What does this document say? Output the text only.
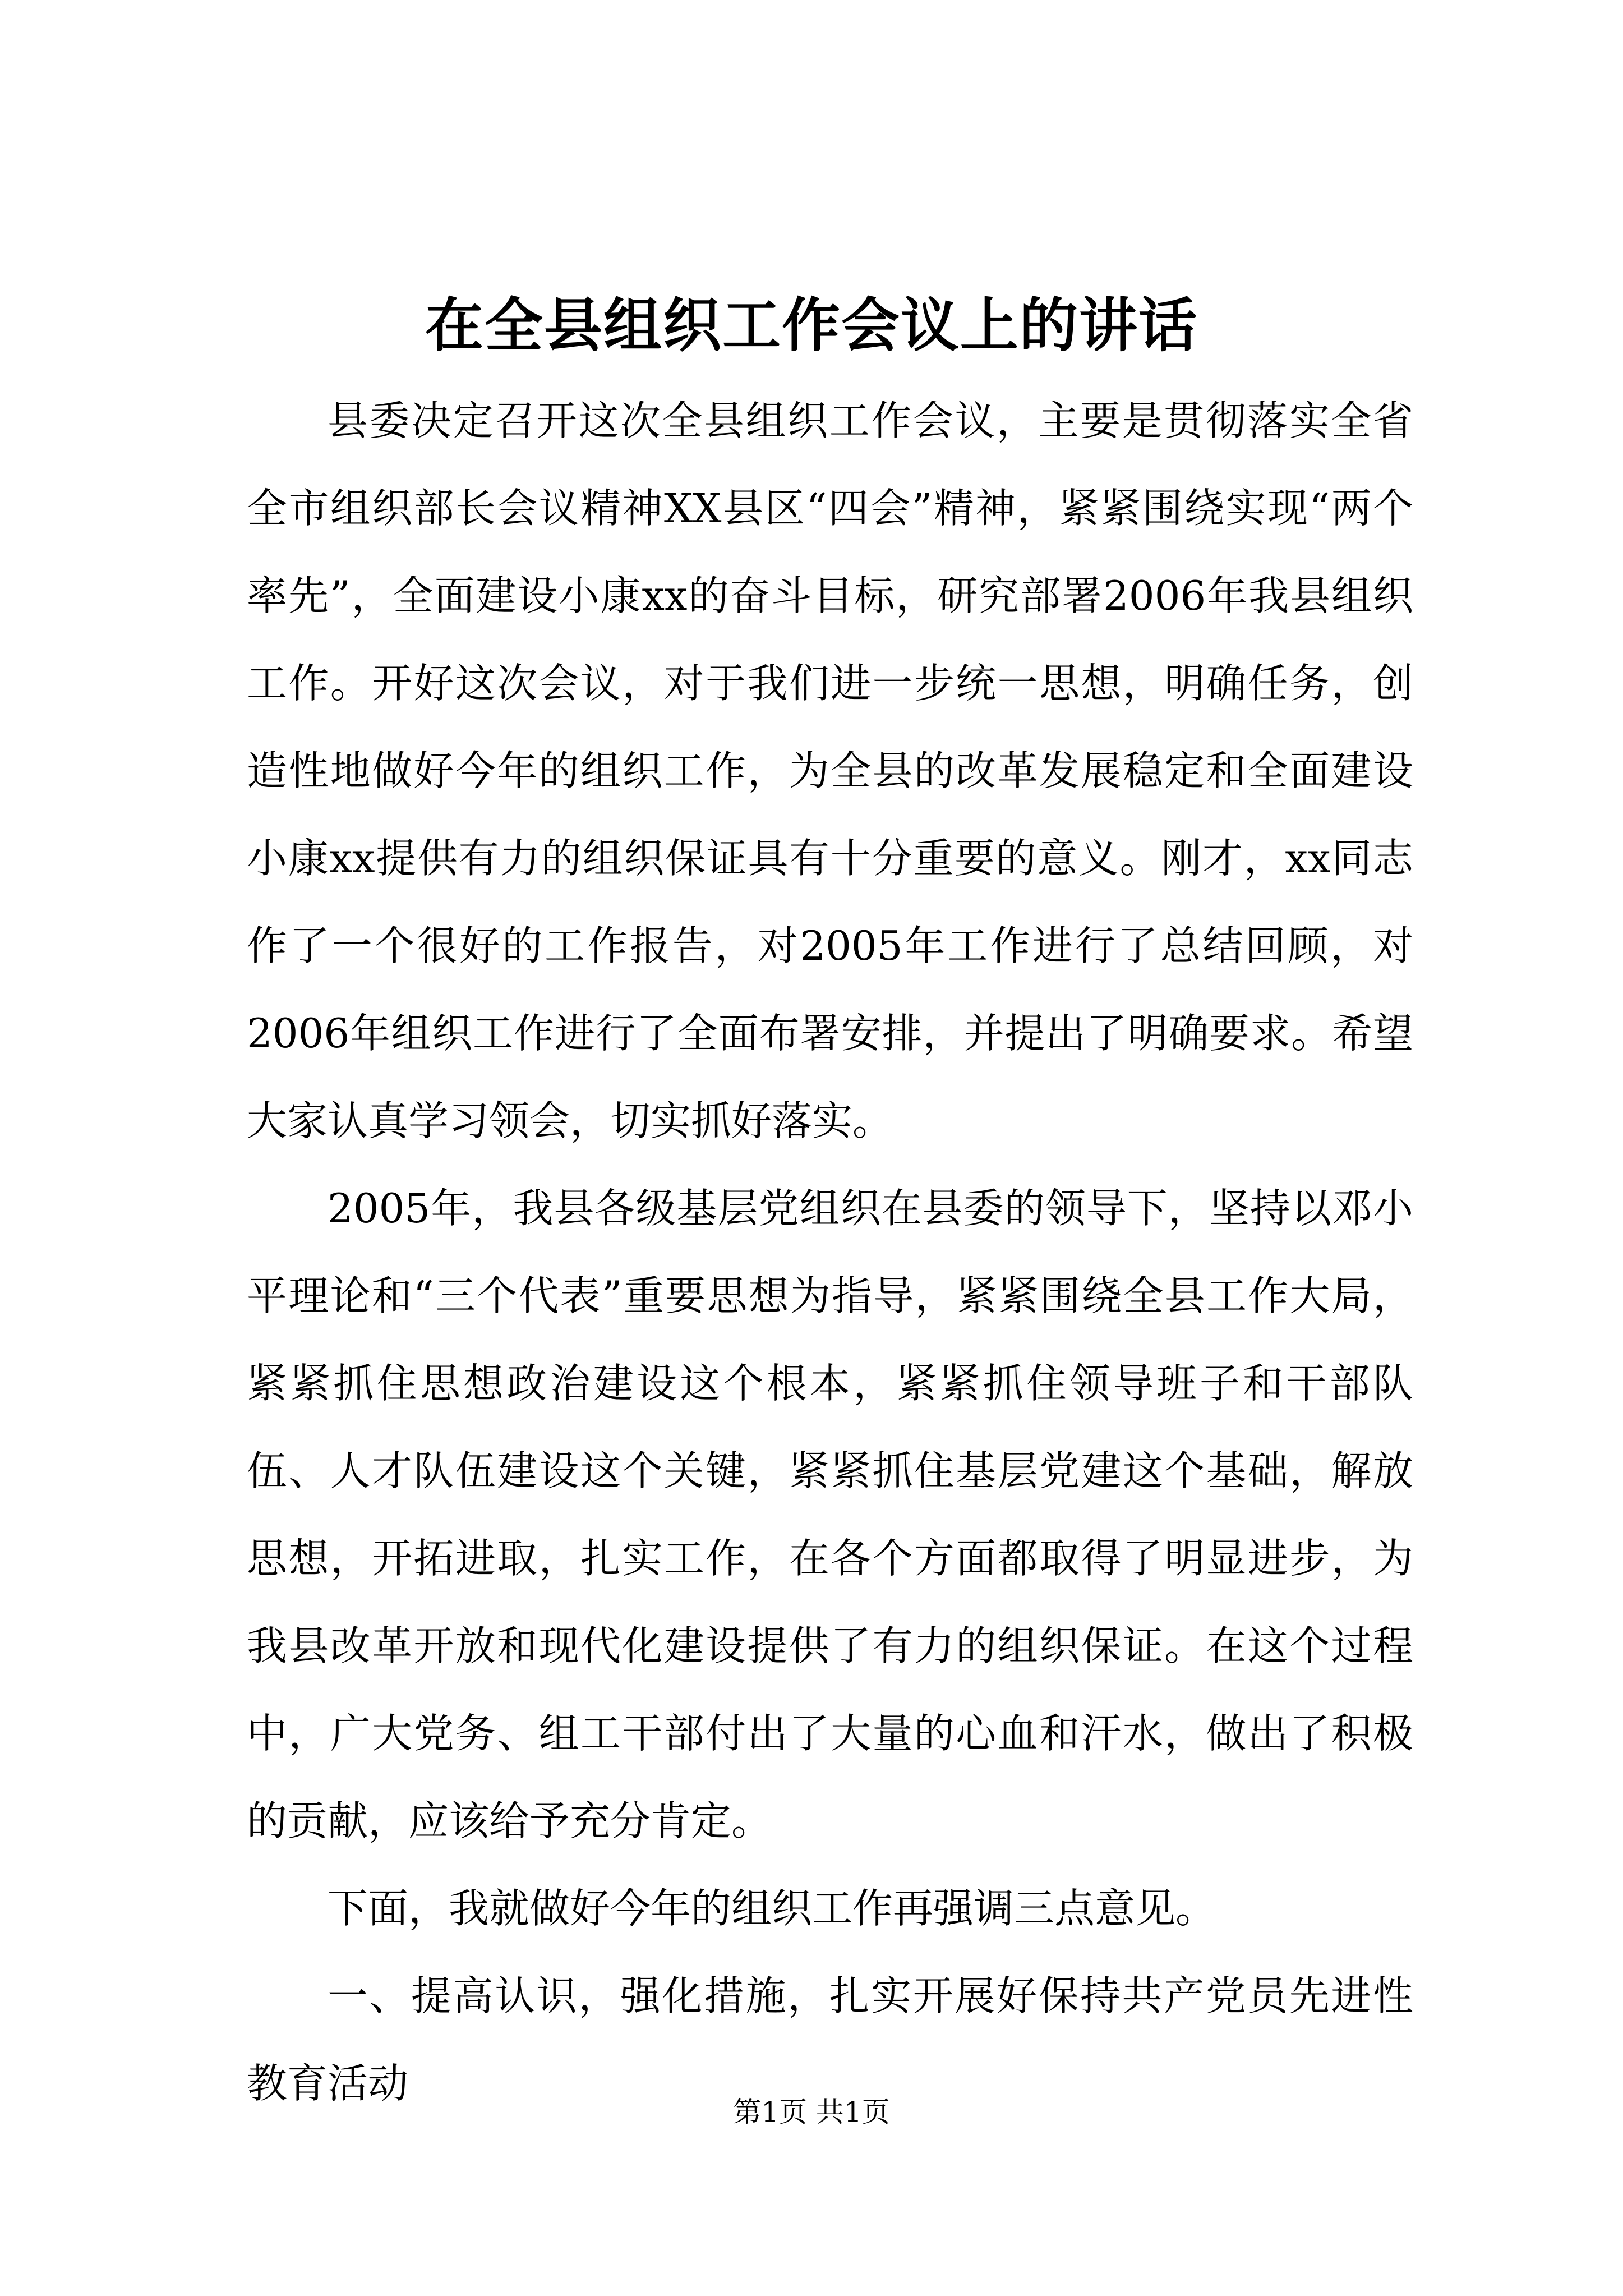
在全县组织工作会议上的讲话

县委决定召开这次全县组织工作会议，主要是贯彻落实全省全市组织部长会议精神XX县区“四会”精神，紧紧围绕实现“两个率先”，全面建设小康xx的奋斗目标，研究部署2006年我县组织工作。开好这次会议，对于我们进一步统一思想，明确任务，创造性地做好今年的组织工作，为全县的改革发展稳定和全面建设小康xx提供有力的组织保证具有十分重要的意义。刚才，xx同志作了一个很好的工作报告，对2005年工作进行了总结回顾，对2006年组织工作进行了全面布署安排，并提出了明确要求。希望大家认真学习领会，切实抓好落实。

2005年，我县各级基层党组织在县委的领导下，坚持以邓小平理论和“三个代表”重要思想为指导，紧紧围绕全县工作大局，紧紧抓住思想政治建设这个根本，紧紧抓住领导班子和干部队伍、人才队伍建设这个关键，紧紧抓住基层党建这个基础，解放思想，开拓进取，扎实工作，在各个方面都取得了明显进步，为我县改革开放和现代化建设提供了有力的组织保证。在这个过程中，广大党务、组工干部付出了大量的心血和汗水，做出了积极的贡献，应该给予充分肯定。

下面，我就做好今年的组织工作再强调三点意见。

一、提高认识，强化措施，扎实开展好保持共产党员先进性教育活动

第1页 共1页
